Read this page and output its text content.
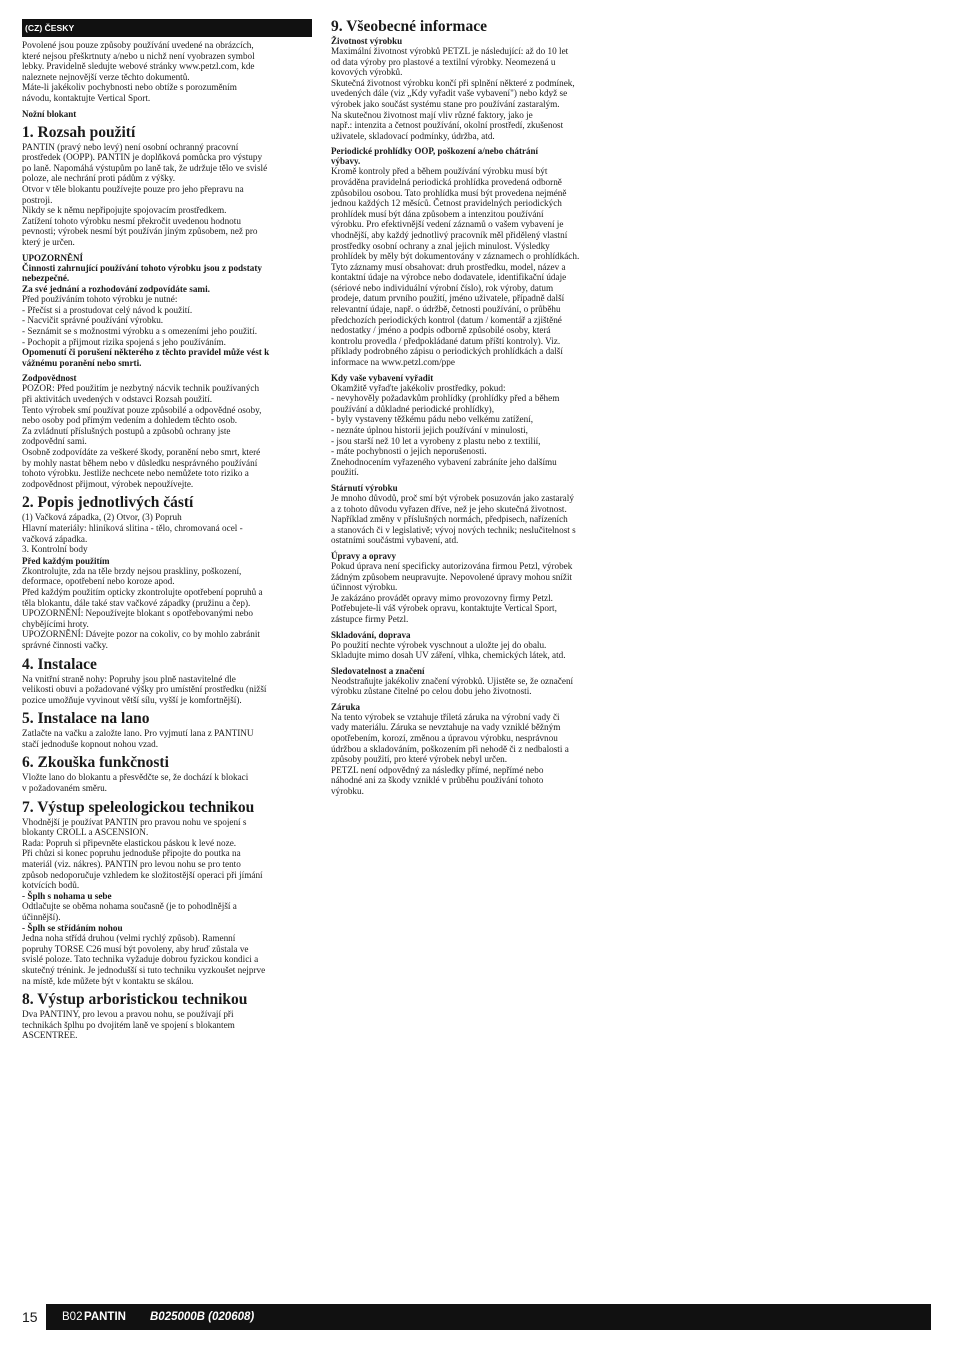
(CZ) ČESKY

Povolené jsou pouze způsoby používání uvedené na obrázcích,
které nejsou přeškrtnuty a/nebo u nichž není vyobrazen symbol
lebky. Pravidelně sledujte webové stránky www.petzl.com, kde
naleznete nejnovější verze těchto dokumentů.
Máte-li jakékoliv pochybnosti nebo obtíže s porozuměním
návodu, kontaktujte Vertical Sport.

Nožní blokant
1. Rozsah použití

PANTIN (pravý nebo levý) není osobní ochranný pracovní
prostředek (OOPP). PANTIN je doplňková pomůcka pro výstupy
po laně. Napomáhá výstupům po laně tak, že udržuje tělo ve svislé
poloze, ale nechrání proti pádům z výšky.
Otvor v těle blokantu používejte pouze pro jeho přepravu na
postroji.
Nikdy se k němu nepřipojujte spojovacím prostředkem.
Zatížení tohoto výrobku nesmí překročit uvedenou hodnotu
pevnosti; výrobek nesmí být používán jiným způsobem, než pro
který je určen.

UPOZORNĚNÍ

Činnosti zahrnující používání tohoto výrobku jsou z podstaty
nebezpečné.
Za své jednání a rozhodování zodpovídáte sami.

Před používáním tohoto výrobku je nutné:
- Přečíst si a prostudovat celý návod k použití.
- Nacvičit správné používání výrobku.
- Seznámit se s možnostmi výrobku a s omezeními jeho použití.
- Pochopit a přijmout rizika spojená s jeho používáním.

Opomenutí či porušení některého z těchto pravidel může vést k
vážnému poranění nebo smrti.

Zodpovědnost

POZOR: Před použitím je nezbytný nácvik technik používaných
při aktivitách uvedených v odstavci Rozsah použití.
Tento výrobek smí používat pouze způsobilé a odpovědné osoby,
nebo osoby pod přímým vedením a dohledem těchto osob.
Za zvládnutí příslušných postupů a způsobů ochrany jste
zodpovědní sami.
Osobně zodpovídáte za veškeré škody, poranění nebo smrt, které
by mohly nastat během nebo v důsledku nesprávného používání
tohoto výrobku. Jestliže nechcete nebo nemůžete toto riziko a
zodpovědnost přijmout, výrobek nepoužívejte.

2. Popis jednotlivých částí

(1) Vačková západka, (2) Otvor, (3) Popruh
Hlavní materiály: hliníková slitina - tělo, chromovaná ocel -
vačková západka.
3. Kontrolní body

Před každým použitím

Zkontrolujte, zda na těle brzdy nejsou praskliny, poškození,
deformace, opotřebení nebo koroze apod.
Před každým použitím opticky zkontrolujte opotřebení popruhů a
těla blokantu, dále také stav vačkové západky (pružinu a čep).
UPOZORNĚNÍ: Nepoužívejte blokant s opotřebovanými nebo
chybějícími hroty.
UPOZORNĚNÍ: Dávejte pozor na cokoliv, co by mohlo zabránit
správné činnosti vačky.

4. Instalace

Na vnitřní straně nohy: Popruhy jsou plně nastavitelné dle
velikosti obuvi a požadované výšky pro umístění prostředku (nižší
pozice umožňuje vyvinout větší sílu, vyšší je komfortnější).

5. Instalace na lano

Zatlačte na vačku a založte lano. Pro vyjmutí lana z PANTINU
stačí jednoduše kopnout nohou vzad.

6. Zkouška funkčnosti

Vložte lano do blokantu a přesvědčte se, že dochází k blokaci
v požadovaném směru.

7. Výstup speleologickou technikou

Vhodnější je používat PANTIN pro pravou nohu ve spojení s
blokanty CROLL a ASCENSION.
Rada: Popruh si připevněte elastickou páskou k levé noze.
Při chůzi si konec popruhu jednoduše připojte do poutka na
materiál (viz. nákres). PANTIN pro levou nohu se pro tento
způsob nedoporučuje vzhledem ke složitostější operaci při jímání
kotvících bodů.

- Šplh s nohama u sebe

Odtlačujte se oběma nohama současně (je to pohodlnější a
účinnější).

- Šplh se střídáním nohou

Jedna noha střídá druhou (velmi rychlý způsob). Ramenní
popruhy TORSE C26 musí být povoleny, aby hruď zůstala ve
svislé poloze. Tato technika vyžaduje dobrou fyzickou kondici a
skutečný trénink. Je jednodušší si tuto techniku vyzkoušet nejprve
na místě, kde můžete být v kontaktu se skálou.

8. Výstup arboristickou technikou

Dva PANTINY, pro levou a pravou nohu, se používají při
technikách šplhu po dvojitém laně ve spojení s blokantem
ASCENTREE.

9. Všeobecné informace
Životnost výrobku

Maximální životnost výrobků PETZL je následující: až do 10 let
od data výroby pro plastové a textilní výrobky. Neomezená u
kovových výrobků.
Skutečná životnost výrobku končí při splnění některé z podmínek,
uvedených dále (viz „Kdy vyřadit vaše vybavení") nebo když se
výrobek jako součást systému stane pro používání zastaralým.
Na skutečnou životnost mají vliv různé faktory, jako je
např.: intenzita a četnost používání, okolní prostředí, zkušenost
uživatele, skladovací podmínky, údržba, atd.

Periodické prohlídky OOP, poškození a/nebo chátrání
výbavy.

Kromě kontroly před a během používání výrobku musí být
prováděna pravidelná periodická prohlídka provedená odborně
způsobilou osobou. Tato prohlídka musí být provedena nejméně
jednou každých 12 měsíců. Četnost pravidelných periodických
prohlídek musí být dána způsobem a intenzitou používání
výrobku. Pro efektivnější vedení záznamů o vašem vybavení je
vhodnější, aby každý jednotlivý pracovník měl přidělený vlastní
prostředky osobní ochrany a znal jejich minulost. Výsledky
prohlídek by měly být dokumentovány v záznamech o prohlídkách.
Tyto záznamy musí obsahovat: druh prostředku, model, název a
kontaktní údaje na výrobce nebo dodavatele, identifikační údaje
(sériové nebo individuální výrobní číslo), rok výroby, datum
prodeje, datum prvního použití, jméno uživatele, případně další
relevantní údaje, např. o údržbě, četnosti používání, o průběhu
předchozích periodických kontrol (datum / komentář a zjištěné
nedostatky / jméno a podpis odborně způsobilé osoby, která
kontrolu provedla / předpokládané datum příští kontroly). Viz.
příklady podrobného zápisu o periodických prohlídkách a další
informace na www.petzl.com/ppe

Kdy vaše vybavení vyřadit

Okamžitě vyřaďte jakékoliv prostředky, pokud:
- nevyhověly požadavkům prohlídky (prohlídky před a během
používání a důkladné periodické prohlídky),
- byly vystaveny těžkému pádu nebo velkému zatížení,
- neznáte úplnou historii jejich používání v minulosti,
- jsou starší než 10 let a vyrobeny z plastu nebo z textilií,
- máte pochybnosti o jejich neporušenosti.
Znehodnocením vyřazeného vybavení zabráníte jeho dalšímu
použití.

Stárnutí výrobku

Je mnoho důvodů, proč smí být výrobek posuzován jako zastaralý
a z tohoto důvodu vyřazen dříve, než je jeho skutečná životnost.
Například změny v příslušných normách, předpisech, nařízeních
a stanovách či v legislativě; vývoj nových technik; neslučitelnost s
ostatními součástmi vybavení, atd.

Úpravy a opravy

Pokud úprava není specificky autorizována firmou Petzl, výrobek
žádným způsobem neupravujte. Nepovolené úpravy mohou snížit
účinnost výrobku.
Je zakázáno provádět opravy mimo provozovny firmy Petzl.
Potřebujete-li váš výrobek opravu, kontaktujte Vertical Sport,
zástupce firmy Petzl.

Skladování, doprava

Po použití nechte výrobek vyschnout a uložte jej do obalu.
Skladujte mimo dosah UV záření, vlhka, chemických látek, atd.

Sledovatelnost a značení

Neodstraňujte jakékoliv značení výrobků. Ujistěte se, že označení
výrobku zůstane čitelné po celou dobu jeho životnosti.

Záruka

Na tento výrobek se vztahuje tříletá záruka na výrobní vady či
vady materiálu. Záruka se nevztahuje na vady vzniklé běžným
opotřebením, korozí, změnou a úpravou výrobku, nesprávnou
údržbou a skladováním, poškozením při nehodě či z nedbalosti a
způsoby použití, pro které výrobek nebyl určen.
PETZL není odpovědný za následky přímé, nepřímé nebo
náhodné ani za škody vzniklé v průběhu používání tohoto
výrobku.

15	B02 PANTIN B025000B (020608)
